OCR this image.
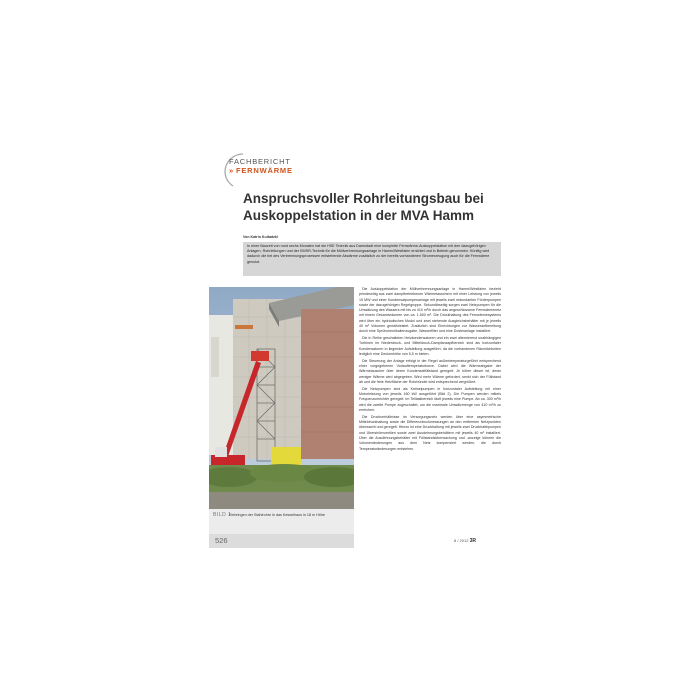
FACHBERICHT
» FERNWÄRME
Anspruchsvoller Rohrleitungsbau bei Auskoppelstation in der MVA Hamm
Von Katrin Kulbatzki

In einer Bauzeit von rund sechs Monaten hat die HSE Technik aus Darmstadt eine komplette Fernwärme-Auskoppelstation mit den dazugehörigen Anlagen, Rohrleitungen und der EMSR-Technik für die Müllverbrennungsanlage in Hamm/Westfalen errichtet und in Betrieb genommen. Künftig wird dadurch die bei des Verbrennungsprozessen entstehende Abwärme zusätzlich zu der bereits vorhandenen Stromerzeugung auch für die Fernwärme genutzt.

BILD 1
Einbringen der Stahlrohre in das Kesselhaus in 18 m Höhe
526

Die Auskoppelstation der Müllverbrennungsanlage in Hamm/Westfalen bezieht primärseitig aus zwei dampfbetriebenen Wärmetauschern mit einer Leistung von jeweils 15 MW und einer Kondensatpumpenanlage mit jeweils zwei redundanten Förderpumpen sowie der dazugehörigen Regelgruppe. Sekundärseitig sorgen zwei Netzpumpen für die Umwälzung des Wassers mit bis zu 410 m³/h durch das angeschlossene Fernwärmenetz mit einem Gesamtvolumen von ca. 1.500 m³. Die Druckhaltung des Fernwärmesystems wird über ein hydraulisches Modul und zwei stehende Ausgleichsbehälter mit je jeweils 40 m³ Volumen gewährleistet. Zusätzlich sind Einrichtungen zur Wasseraufbereitung durch eine Sprühchemikalienzugabe, Wasserfilter und eine Dosieranlage installiert.

Die in Reihe geschalteten Heizkondensatoren und ein zwei alternierend unabhängigen Turbinen im Niederdruck- und Mitteldruck-Dampfanzapfbereich sind als horizontaler Kondensatoren in liegender Aufstellung ausgeführt, da die vorhandenen Räumlichkeiten lediglich eine Deckenhöhe von 5,5 m bieten.

Die Steuerung der Anlage erfolgt in der Regel außentemperaturgeführt entsprechend einer vorgegebenen Vorlauftemperaturkurve. Dabei wird die Wärmeabgabe der Wärmetauscher über deren Kondensatfüllstand geregelt: Je höher dieser ist, desto weniger Wärme wird abgegeben. Wird mehr Wärme gefordert, senkt sich der Füllstand ab und die freie Heizfläche der Rohrbündel wird entsprechend vergrößert.

Die Netzpumpen sind als Kreiselpumpen in horizontaler Aufstellung mit einer Motorleistung von jeweils 160 kW ausgeführt (Bild 2). Die Pumpen werden mittels Frequenzumrichter geregelt. Im Teillastbereich läuft jeweils eine Pumpe. Ab ca. 300 m³/h wird die zweite Pumpe zugeschaltet, um die maximale Umwälzmenge von 410 m³/h zu erreichen.

Die Druckverhältnisse im Versorgungsnetz werden über eine asymmetrische Mitteldruckhaltung sowie die Differenzdruckmessungen an den entfernten Netzpunkten überwacht und geregelt. Hierzu ist eine Druckhaltung mit jeweils zwei Druckhaltepumpen und Überströmventilen sowie zwei Ausdehnungsbehältern mit jeweils 40 m³ installiert. Über die Ausdehnungsbehälter mit Füllstandsüberwachung und -anzeige können die Volumenänderungen aus dem Netz kompensiert werden, die durch Temperaturänderungen entstehen.

8 / 2012 3R
